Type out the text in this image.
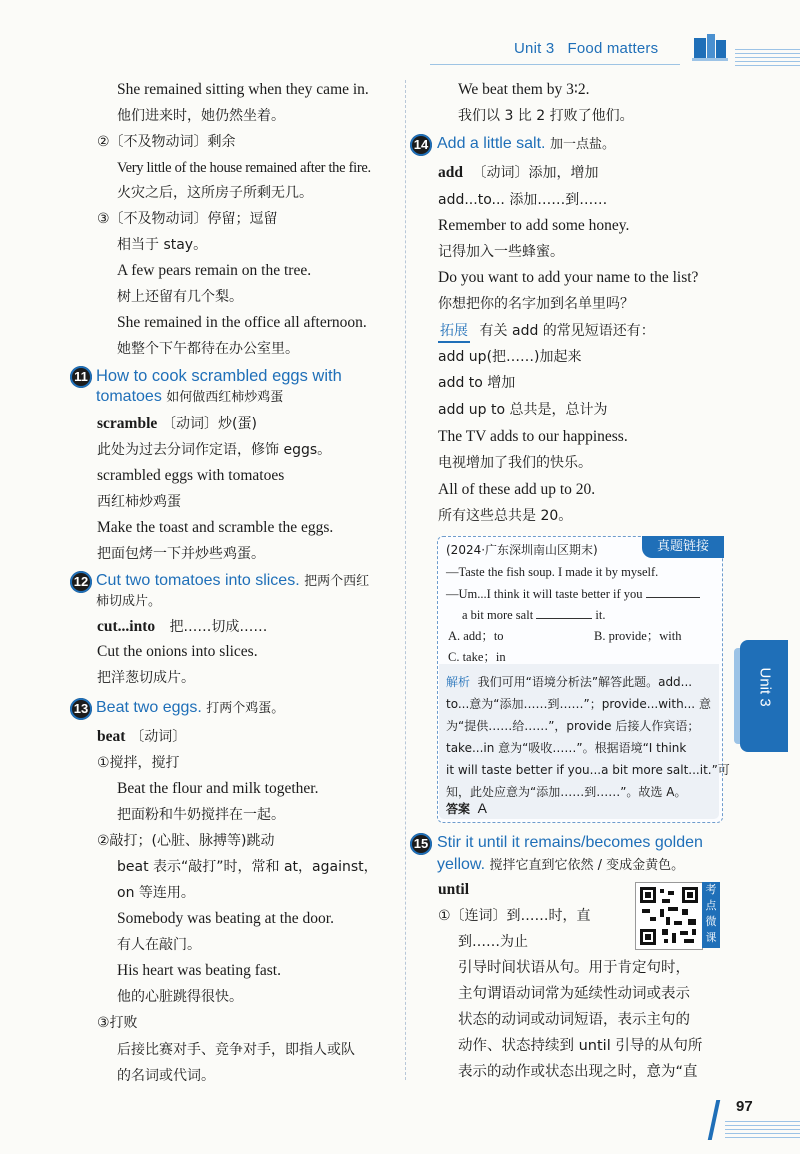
Unit 3 Food matters
She remained sitting when they came in.
他们进来时，她仍然坐着。
②〔不及物动词〕剩余
Very little of the house remained after the fire.
火灾之后，这所房子所剩无几。
③〔不及物动词〕停留；逗留
相当于 stay。
A few pears remain on the tree.
树上还留有几个梨。
She remained in the office all afternoon.
她整个下午都待在办公室里。
11 How to cook scrambled eggs with
tomatoes 如何做西红柿炒鸡蛋
scramble 〔动词〕炒(蛋)
此处为过去分词作定语，修饰 eggs。
scrambled eggs with tomatoes
西红柿炒鸡蛋
Make the toast and scramble the eggs.
把面包烤一下并炒些鸡蛋。
12 Cut two tomatoes into slices. 把两个西红
柿切成片。
cut...into 把……切成……
Cut the onions into slices.
把洋葱切成片。
13 Beat two eggs. 打两个鸡蛋。
beat 〔动词〕
①搅拌，搅打
Beat the flour and milk together.
把面粉和牛奶搅拌在一起。
②敲打；(心脏、脉搏等)跳动
beat 表示“敲打”时，常和 at，against，
on 等连用。
Somebody was beating at the door.
有人在敲门。
His heart was beating fast.
他的心脏跳得很快。
③打败
后接比赛对手、竞争对手，即指人或队
的名词或代词。
We beat them by 3∶2.
我们以 3 比 2 打败了他们。
14 Add a little salt. 加一点盐。
add 〔动词〕添加，增加
add...to... 添加……到……
Remember to add some honey.
记得加入一些蜂蜜。
Do you want to add your name to the list?
你想把你的名字加到名单里吗？
拓展 有关 add 的常见短语还有：
add up(把……)加起来
add to 增加
add up to 总共是，总计为
The TV adds to our happiness.
电视增加了我们的快乐。
All of these add up to 20.
所有这些总共是 20。
真题链接
(2024·广东深圳南山区期末)
—Taste the fish soup. I made it by myself.
—Um...I think it will taste better if you
a bit more salt	it.
A. add；to	B. provide；with
C. take；in
解析 我们可用“语境分析法”解答此题。add...
to...意为“添加……到……”；provide...with... 意
为“提供……给……”，provide 后接人作宾语；
take...in 意为“吸收……”。根据语境“I think
it will taste better if you...a bit more salt...it.”可
知，此处应意为“添加……到……”。故选 A。
答案 A
15 Stir it until it remains/becomes golden
yellow. 搅拌它直到它依然 / 变成金黄色。
until
①〔连词〕到……时，直
到……为止
考点微课
引导时间状语从句。用于肯定句时，
主句谓语动词常为延续性动词或表示
状态的动词或动词短语，表示主句的
动作、状态持续到 until 引导的从句所
表示的动作或状态出现之时，意为“直
Unit 3
97
